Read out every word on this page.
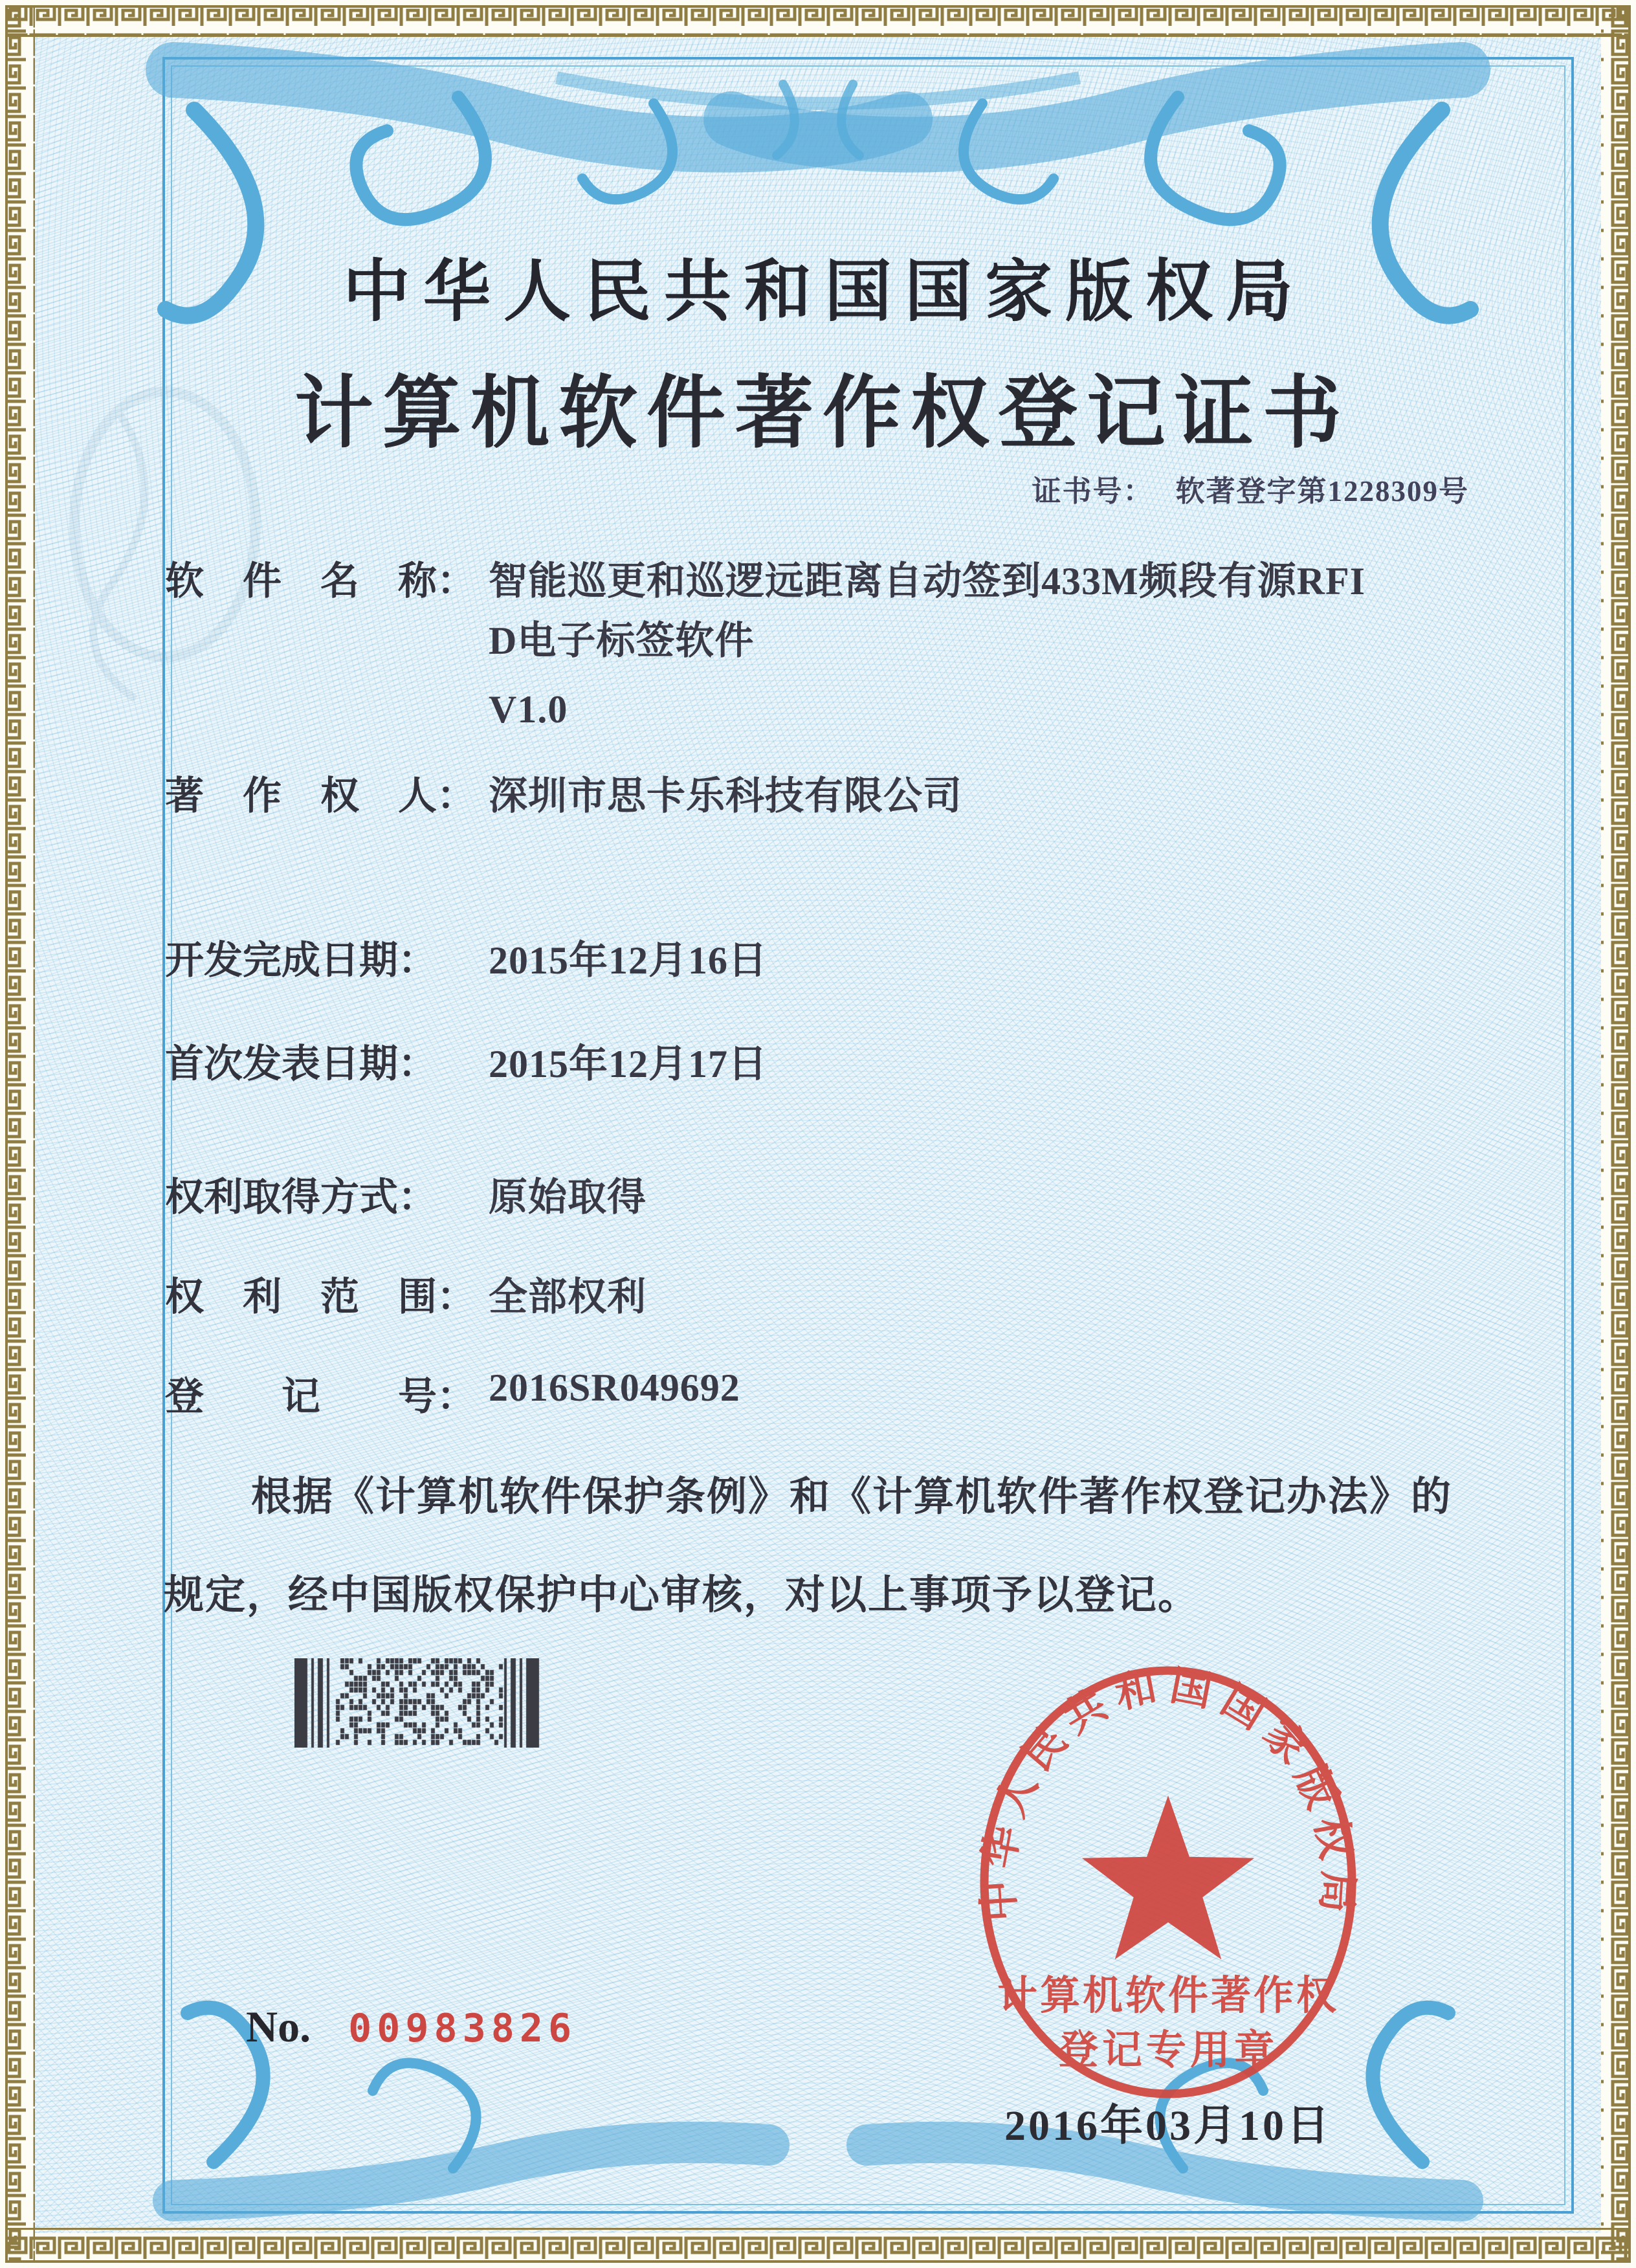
中华人民共和国国家版权局
计算机软件著作权登记证书
证书号： 软著登字第1228309号
软　件　名　称： 智能巡更和巡逻远距离自动签到433M频段有源RFI
D电子标签软件
V1.0
著　作　权　人： 深圳市思卡乐科技有限公司
开发完成日期：	2015年12月16日
首次发表日期：	2015年12月17日
权利取得方式：	原始取得
权　利　范　围： 全部权利
登　　记　　号： 2016SR049692
根据《计算机软件保护条例》和《计算机软件著作权登记办法》的
规定，经中国版权保护中心审核，对以上事项予以登记。
中华人民共和国国家版权局
计算机软件著作权
登记专用章
2016年03月10日
No. 00983826
